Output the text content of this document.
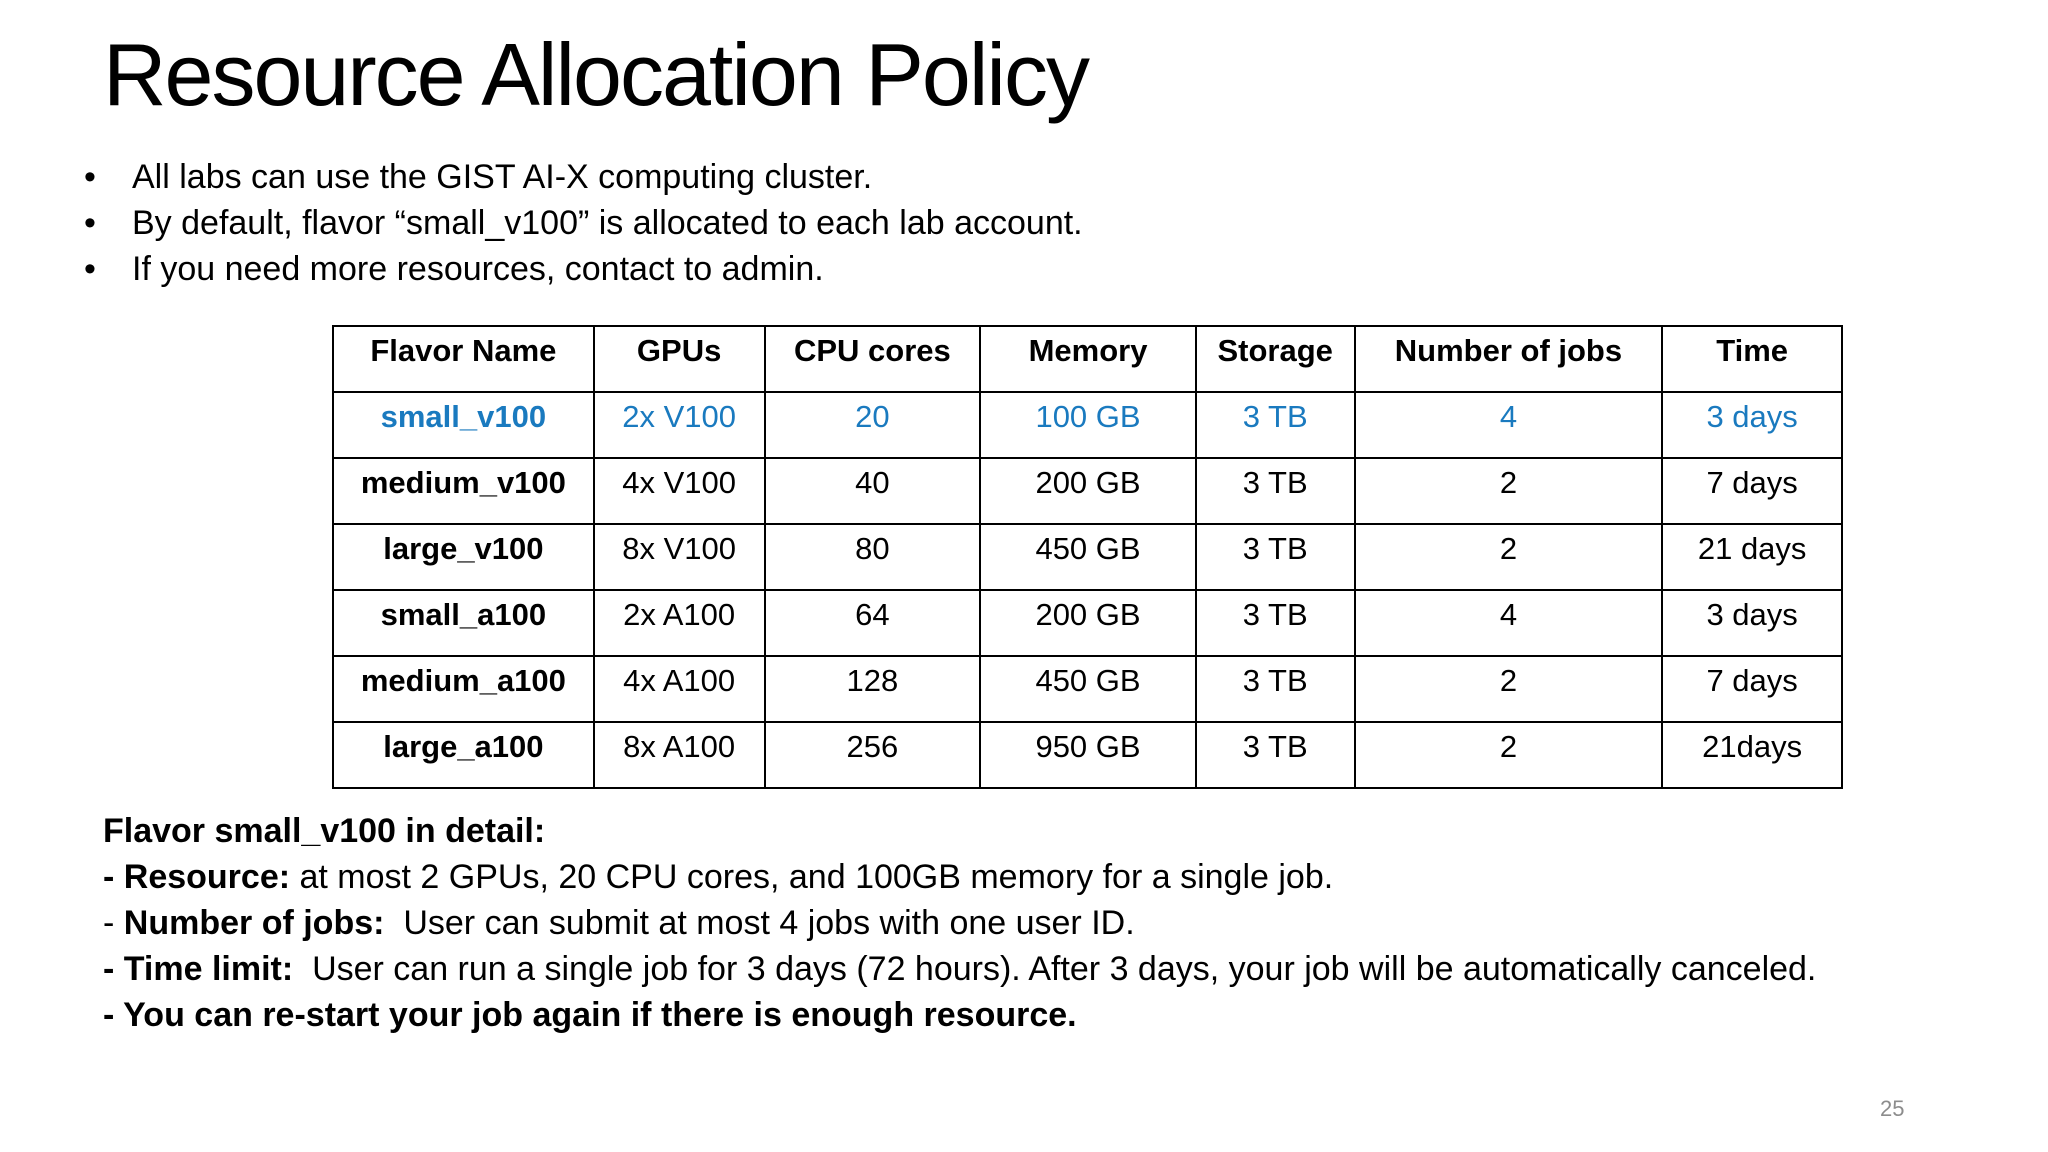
Resource Allocation Policy
• All labs can use the GIST AI-X computing cluster.
• By default, flavor “small_v100” is allocated to each lab account.
• If you need more resources, contact to admin.
Flavor Name	GPUs	CPU cores	Memory	Storage	Number of jobs	Time
small_v100	2x V100	20	100 GB	3 TB	4	3 days
medium_v100	4x V100	40	200 GB	3 TB	2	7 days
large_v100	8x V100	80	450 GB	3 TB	2	21 days
small_a100	2x A100	64	200 GB	3 TB	4	3 days
medium_a100	4x A100	128	450 GB	3 TB	2	7 days
large_a100	8x A100	256	950 GB	3 TB	2	21days
Flavor small_v100 in detail:
- Resource: at most 2 GPUs, 20 CPU cores, and 100GB memory for a single job.
- Number of jobs:  User can submit at most 4 jobs with one user ID.
- Time limit:  User can run a single job for 3 days (72 hours). After 3 days, your job will be automatically canceled.
- You can re-start your job again if there is enough resource.
25
